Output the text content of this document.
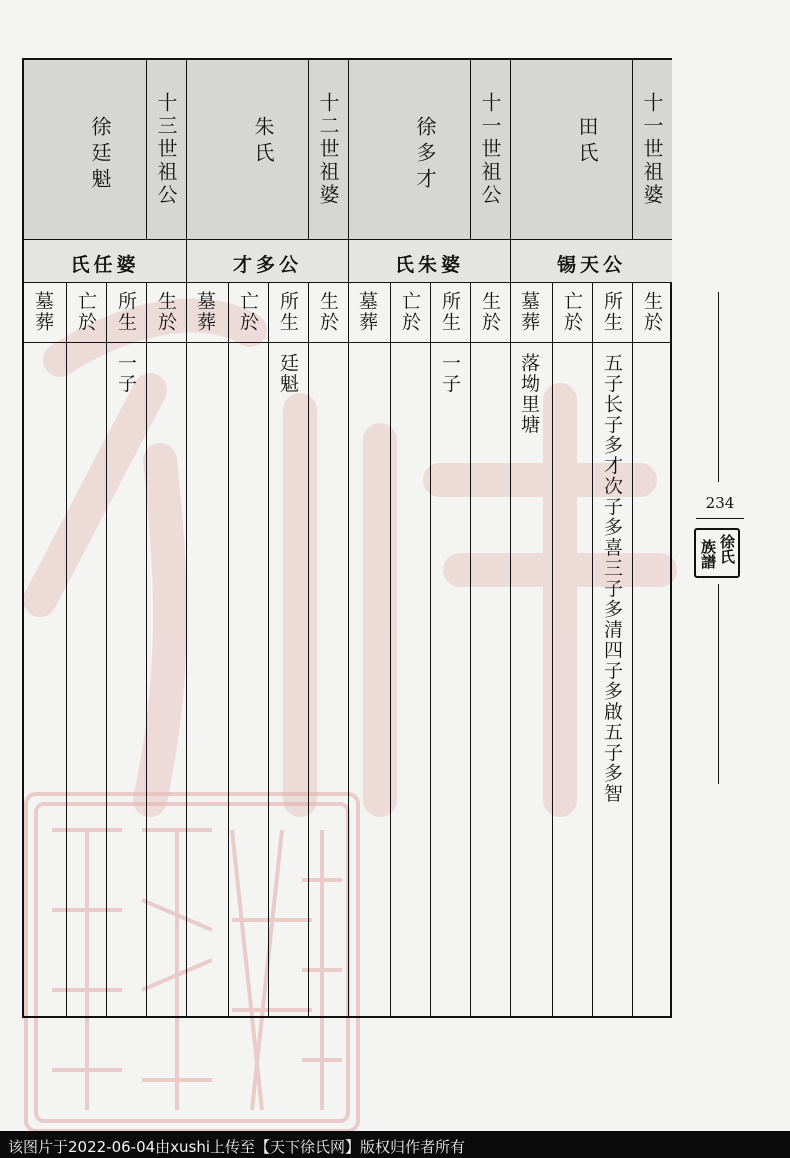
十三世祖公
徐廷魁
氏任婆
生於
所生
一子
亡於
墓葬
十二世祖婆
朱氏
才多公
生於
所生
廷魁
亡於
墓葬
十一世祖公
徐多才
氏朱婆
生於
所生
一子
亡於
墓葬
十一世祖婆
田氏
锡天公
生於
所生
五子长子多才次子多喜三子多清四子多啟五子多智
亡於
墓葬
落坳里塘
234
徐氏
族譜
该图片于2022-06-04由xushi上传至【天下徐氏网】版权归作者所有
